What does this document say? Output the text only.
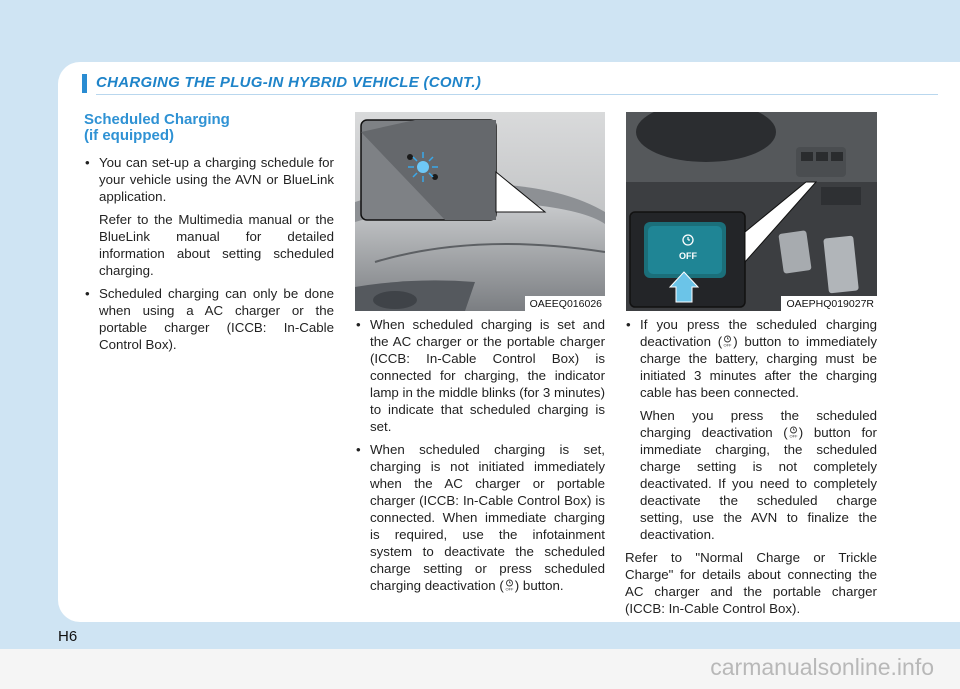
CHARGING THE PLUG-IN HYBRID VEHICLE (CONT.)
Scheduled Charging
(if equipped)

• You can set-up a charging schedule for your vehicle using the AVN or BlueLink application.

Refer to the Multimedia manual or the BlueLink manual for detailed information about setting scheduled charging.

• Scheduled charging can only be done when using a AC charger or the portable charger (ICCB: In-Cable Control Box).

OAEEQ016026
OFF
OAEPHQ019027R

• When scheduled charging is set and the AC charger or the portable charger (ICCB: In-Cable Control Box) is connected for charging, the indicator lamp in the middle blinks (for 3 minutes) to indicate that scheduled charging is set.

• When scheduled charging is set, charging is not initiated immediately when the AC charger or portable charger (ICCB: In-Cable Control Box) is connected. When immediate charging is required, use the infotainment system to deactivate the scheduled charge setting or press scheduled charging deactivation ( OFF ) button.

• If you press the scheduled charging deactivation ( OFF ) button to immediately charge the battery, charging must be initiated 3 minutes after the charging cable has been connected.

When you press the scheduled charging deactivation ( OFF ) button for immediate charging, the scheduled charge setting is not completely deactivated. If you need to completely deactivate the scheduled charge setting, use the AVN to finalize the deactivation.

Refer to "Normal Charge or Trickle Charge" for details about connecting the AC charger and the portable charger (ICCB: In-Cable Control Box).

H6
carmanualsonline.info
